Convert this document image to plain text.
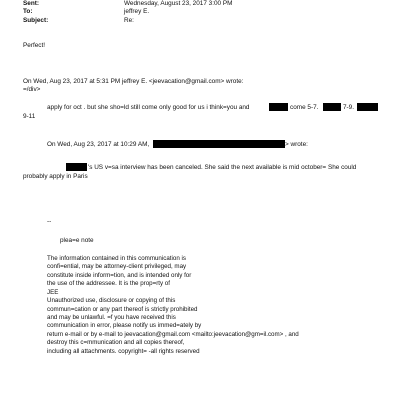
Sent:	Wednesday, August 23, 2017 3:00 PM
To:	jeffrey E.
Subject:	Re:
Perfect!
On Wed, Aug 23, 2017 at 5:31 PM jeffrey E. <jeevacation@gmail.com> wrote:
=/div>
apply for oct . but she sho=ld still come only good for us i think=you and	come 5-7.	7-9.
9-11
On Wed, Aug 23, 2017 at 10:29 AM,	> wrote:
's US v=sa interview has been canceled. She said the next available is mid october= She could
probably apply in Paris
--
plea=e note
The information contained in this communication is
confi=ential, may be attorney-client privileged, may
constitute inside inform=tion, and is intended only for
the use of the addressee. It is the prop=rty of
JEE
Unauthorized use, disclosure or copying of this
commun=cation or any part thereof is strictly prohibited
and may be unlawful. =f you have received this
communication in error, please notify us immed=ately by
return e-mail or by e-mail to jeevacation@gmail.com <mailto:jeevacation@gm=il.com> , and
destroy this c=mmunication and all copies thereof,
including all attachments. copyright= -all rights reserved
